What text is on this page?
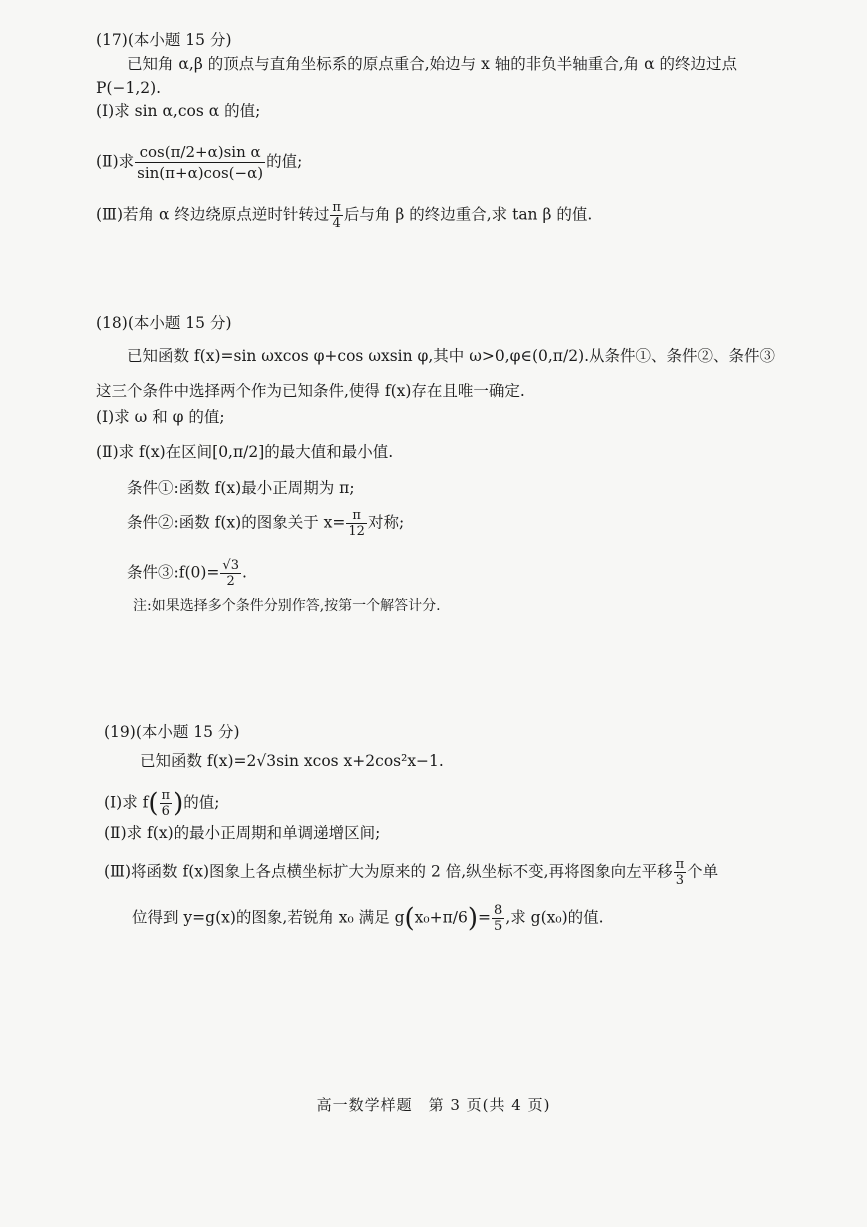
(17)(本小题 15 分)
已知角 α,β 的顶点与直角坐标系的原点重合,始边与 x 轴的非负半轴重合,角 α 的终边过点
P(−1,2).
(Ⅰ)求 sin α,cos α 的值;
(Ⅱ)求 $\frac{\text{cos(π/2+α)sin α}}{\sin(\pi+\alpha)\cos(-\alpha)}$ 的值;
(Ⅲ)若角 α 终边绕原点逆时针转过 $\frac{\pi}{4}$ 后与角 β 的终边重合,求 tan β 的值.
(18)(本小题 15 分)
已知函数 f(x)=sin ωxcos φ+cos ωxsin φ,其中 ω>0,φ∈(0,π/2).从条件①、条件②、条件③
这三个条件中选择两个作为已知条件,使得 f(x)存在且唯一确定.
(Ⅰ)求 ω 和 φ 的值;
(Ⅱ)求 f(x)在区间[0,π/2]的最大值和最小值.
条件①:函数 f(x)最小正周期为 π;
条件②:函数 f(x)的图象关于 $x= \frac{\pi}{12}$ 对称;
条件③:f(0)= $\frac{√3}{2}$ .
注:如果选择多个条件分别作答,按第一个解答计分.
(19)(本小题 15 分)
已知函数 f(x)=2√3sin xcos x+2cos²x−1.
(Ⅰ)求 $f( \frac{\pi}{6}$ )的值;
(Ⅱ)求 f(x)的最小正周期和单调递增区间;
(Ⅲ)将函数 f(x)图象上各点横坐标扩大为原来的 2 倍,纵坐标不变,再将图象向左平移 $\frac{\pi}{3}$ 个单
位得到 y=g(x)的图象,若锐角 x₀ 满足 $g(x_0+\pi/6)= \frac{8}{5}$ ,求 g(x₀)的值.
高一数学样题　第 3 页(共 4 页)
